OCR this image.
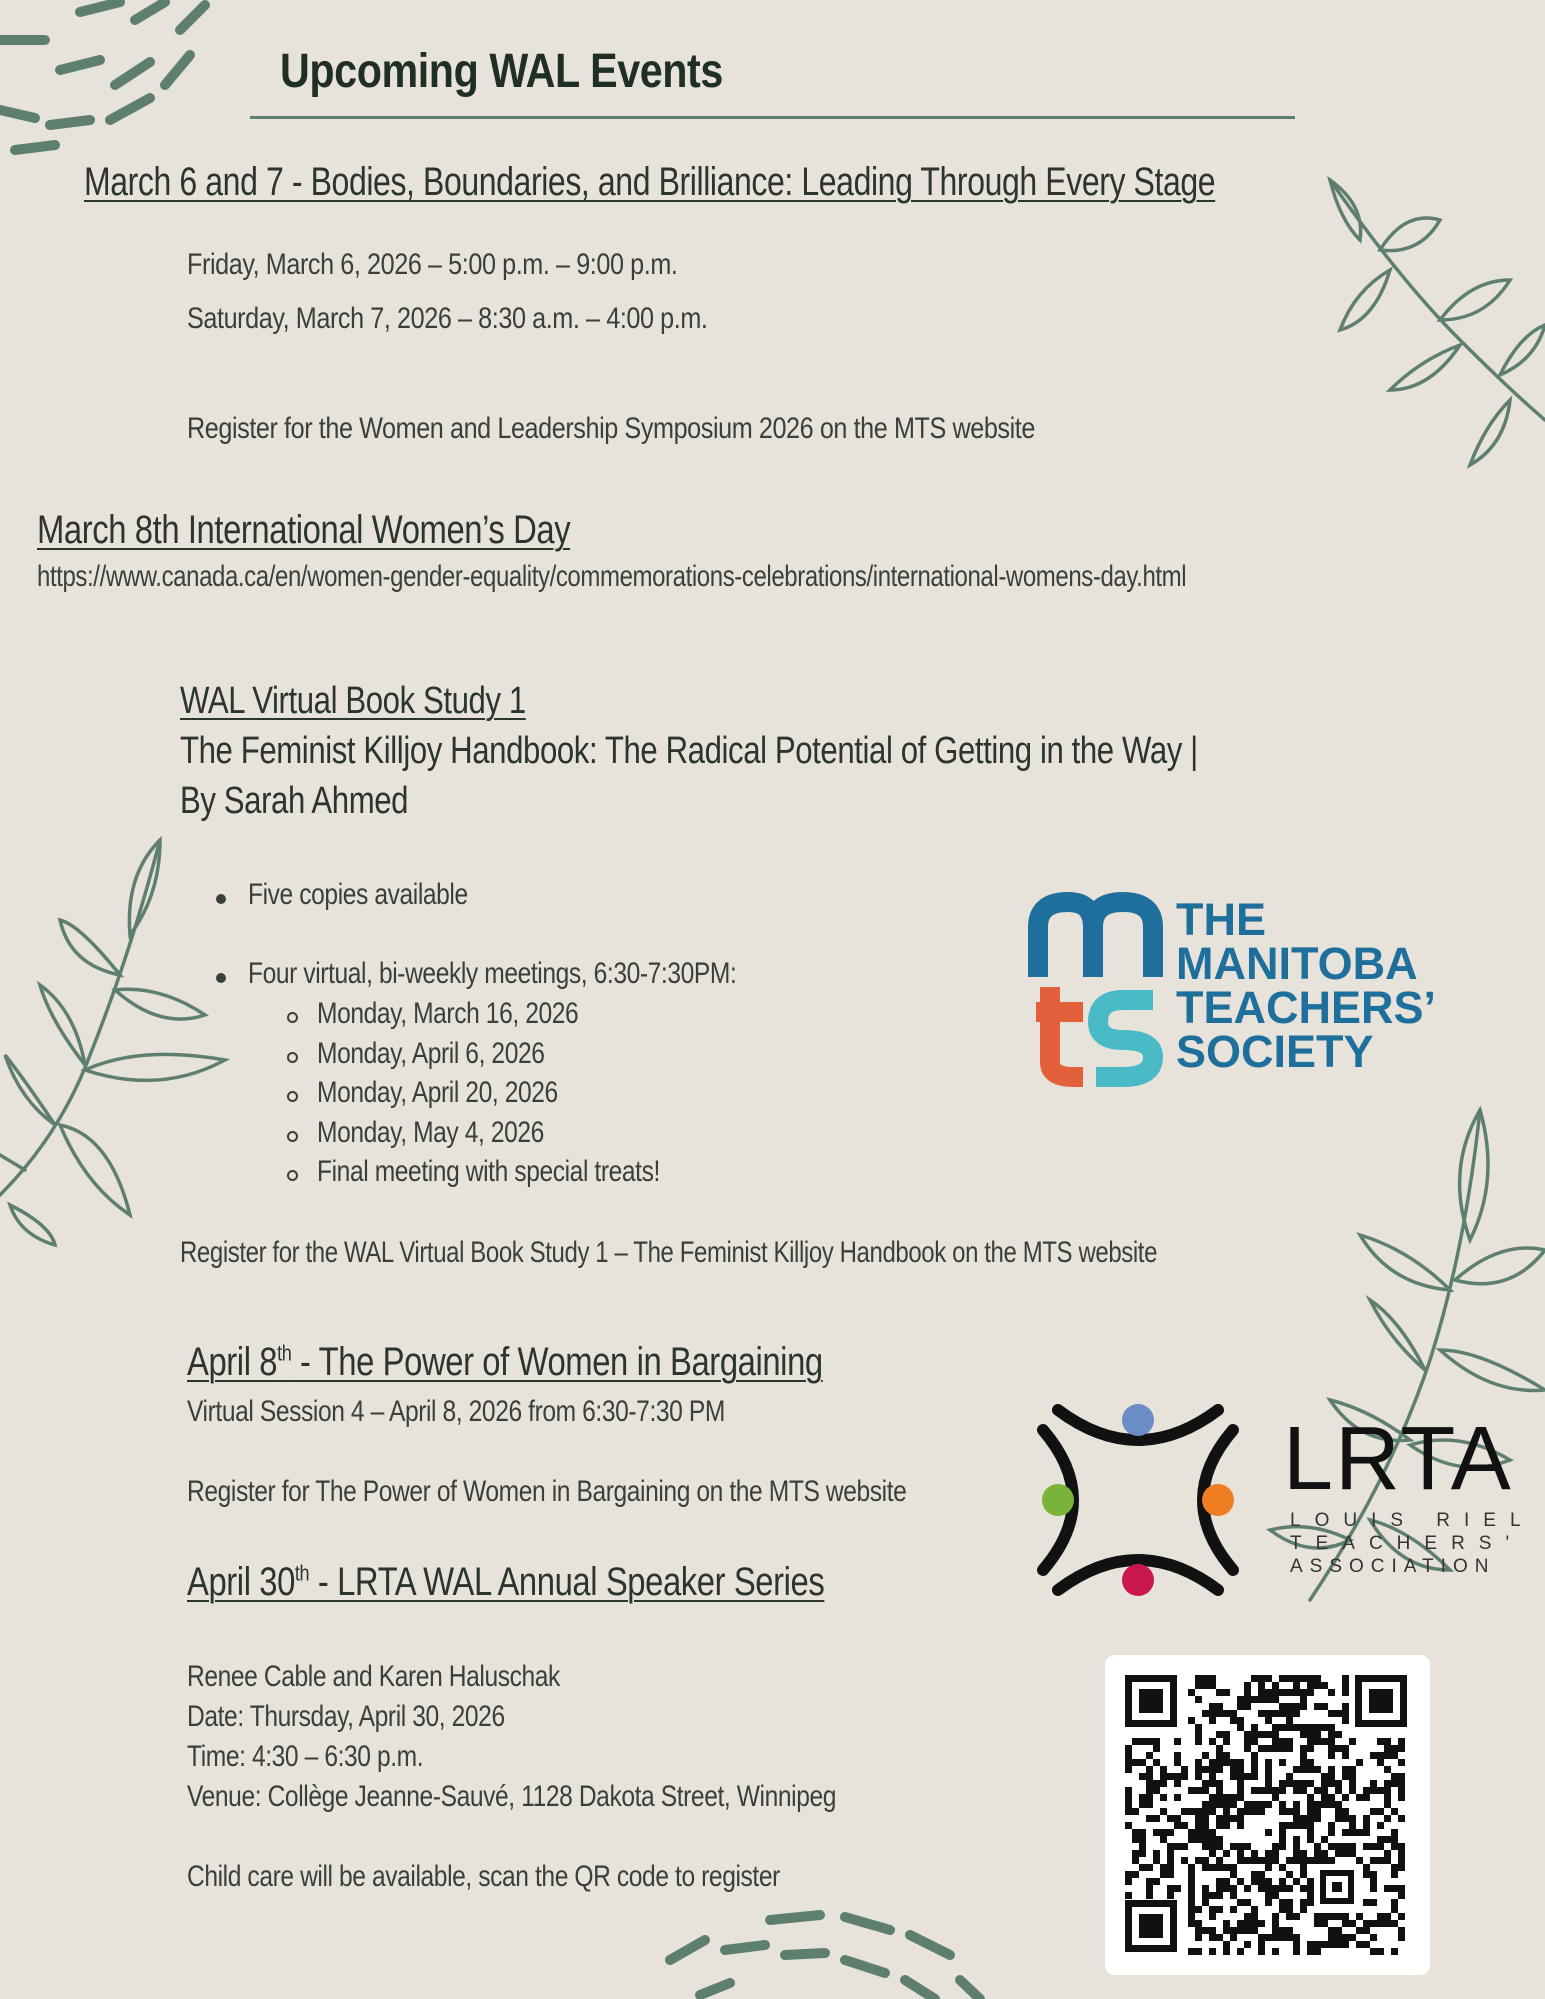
Upcoming WAL Events
March 6 and 7 - Bodies, Boundaries, and Brilliance: Leading Through Every Stage
Friday, March 6, 2026 – 5:00 p.m. – 9:00 p.m.
Saturday, March 7, 2026 – 8:30 a.m. – 4:00 p.m.
Register for the Women and Leadership Symposium 2026 on the MTS website
March 8th International Women’s Day
https://www.canada.ca/en/women-gender-equality/commemorations-celebrations/international-womens-day.html
WAL Virtual Book Study 1
The Feminist Killjoy Handbook: The Radical Potential of Getting in the Way |
By Sarah Ahmed
Five copies available
Four virtual, bi-weekly meetings, 6:30-7:30PM:
Monday, March 16, 2026
Monday, April 6, 2026
Monday, April 20, 2026
Monday, May 4, 2026
Final meeting with special treats!
Register for the WAL Virtual Book Study 1 – The Feminist Killjoy Handbook on the MTS website
THE
MANITOBA
TEACHERS’
SOCIETY
April 8th - The Power of Women in Bargaining
Virtual Session 4 – April 8, 2026 from 6:30-7:30 PM
Register for The Power of Women in Bargaining on the MTS website	LRTA
LOUIS RIEL
TEACHERS'
ASSOCIATION
April 30th - LRTA WAL Annual Speaker Series
Renee Cable and Karen Haluschak
Date: Thursday, April 30, 2026
Time: 4:30 – 6:30 p.m.
Venue: Collège Jeanne-Sauvé, 1128 Dakota Street, Winnipeg
Child care will be available, scan the QR code to register
